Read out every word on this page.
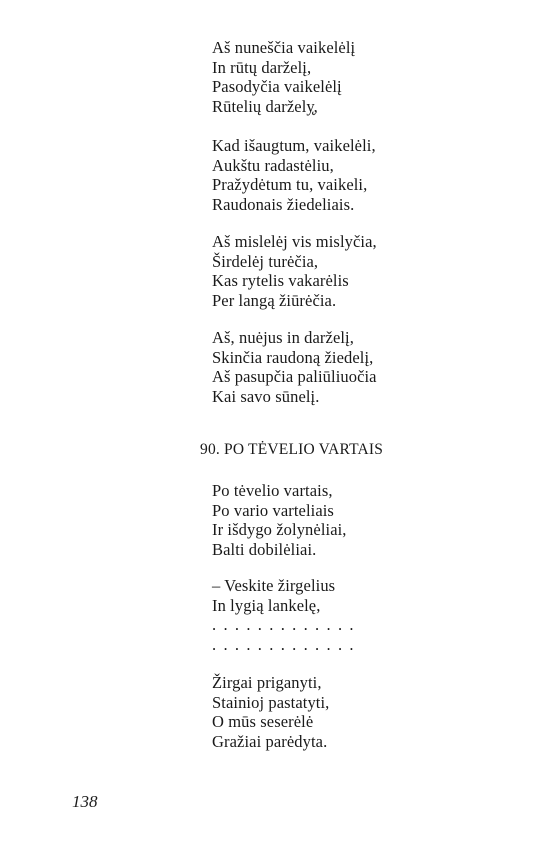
Aš nuneščia vaikelėlį
In rūtų darželį,
Pasodyčia vaikelėlį
Rūtelių daržely̨,
Kad išaugtum, vaikelėli,
Aukštu radastėliu,
Pražydėtum tu, vaikeli,
Raudonais žiedeliais.
Aš mislelėj vis mislyčia,
Širdelėj turėčia,
Kas rytelis vakarėlis
Per langą žiūrėčia.
Aš, nuėjus in darželį,
Skinčia raudoną žiedelį,
Aš pasupčia paliūliuočia
Kai savo sūnelį.
90. PO TĖVELIO VARTAIS
Po tėvelio vartais,
Po vario varteliais
Ir išdygo žolynėliai,
Balti dobilėliai.
– Veskite žirgelius
In lygią lankelę,
. . . . . . . . . . . . .
. . . . . . . . . . . . .
Žirgai priganyti,
Stainioj pastatyti,
O mūs seserėlė
Gražiai parėdyta.
138
